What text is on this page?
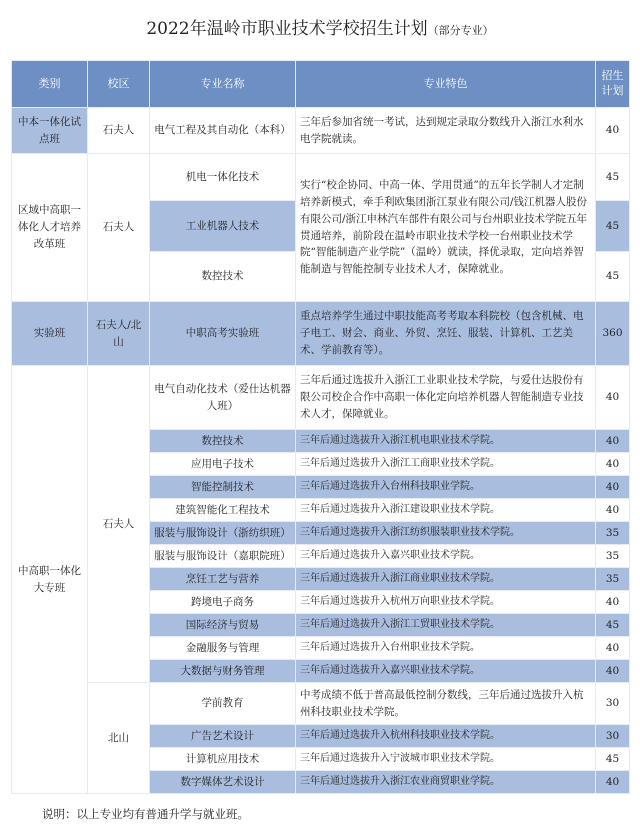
2022年温岭市职业技术学校招生计划（部分专业）
类别	校区	专业名称	专业特色	招生计划
中本一体化试点班	石夫人	电气工程及其自动化（本科）	三年后参加省统一考试，达到规定录取分数线升入浙江水利水电学院就读。	40
区域中高职一体化人才培养改革班	石夫人	机电一体化技术	实行“校企协同、中高一体、学用贯通”的五年长学制人才定制培养新模式，牵手利欧集团浙江泵业有限公司/钱江机器人股份有限公司/浙江申林汽车部件有限公司与台州职业技术学院五年贯通培养，前阶段在温岭市职业技术学校一台州职业技术学院“智能制造产业学院”（温岭）就读，择优录取，定向培养智能制造与智能控制专业技术人才，保障就业。	45
		工业机器人技术		45
		数控技术		45
实验班	石夫人/北山	中职高考实验班	重点培养学生通过中职技能高考考取本科院校（包含机械、电子电工、财会、商业、外贸、烹饪、服装、计算机、工艺美术、学前教育等）。	360
中高职一体化大专班	石夫人	电气自动化技术（爱仕达机器人班）	三年后通过选拔升入浙江工业职业技术学院，与爱仕达股份有限公司校企合作中高职一体化定向培养机器人智能制造专业技术人才，保障就业。	40
		数控技术	三年后通过选拔升入浙江机电职业技术学院。	40
		应用电子技术	三年后通过选拔升入浙江工商职业技术学院。	40
		智能控制技术	三年后通过选拔升入台州科技职业学院。	40
		建筑智能化工程技术	三年后通过选拔升入浙江建设职业技术学院。	40
		服装与服饰设计（浙纺织班）	三年后通过选拔升入浙江纺织服装职业技术学院。	35
		服装与服饰设计（嘉职院班）	三年后通过选拔升入嘉兴职业技术学院。	35
		烹饪工艺与营养	三年后通过选拔升入浙江商业职业技术学院。	35
		跨境电子商务	三年后通过选拔升入杭州万向职业技术学院。	40
		国际经济与贸易	三年后通过选拔升入浙江工贸职业技术学院。	45
		金融服务与管理	三年后通过选拔升入台州职业技术学院。	40
		大数据与财务管理	三年后通过选拔升入嘉兴职业技术学院。	40
	北山	学前教育	中考成绩不低于普高最低控制分数线，三年后通过选拔升入杭州科技职业技术学院。	30
		广告艺术设计	三年后通过选拔升入杭州科技职业技术学院。	30
		计算机应用技术	三年后通过选拔升入宁波城市职业技术学院。	45
		数字媒体艺术设计	三年后通过选拔升入浙江农业商贸职业学院。	40
说明：以上专业均有普通升学与就业班。
